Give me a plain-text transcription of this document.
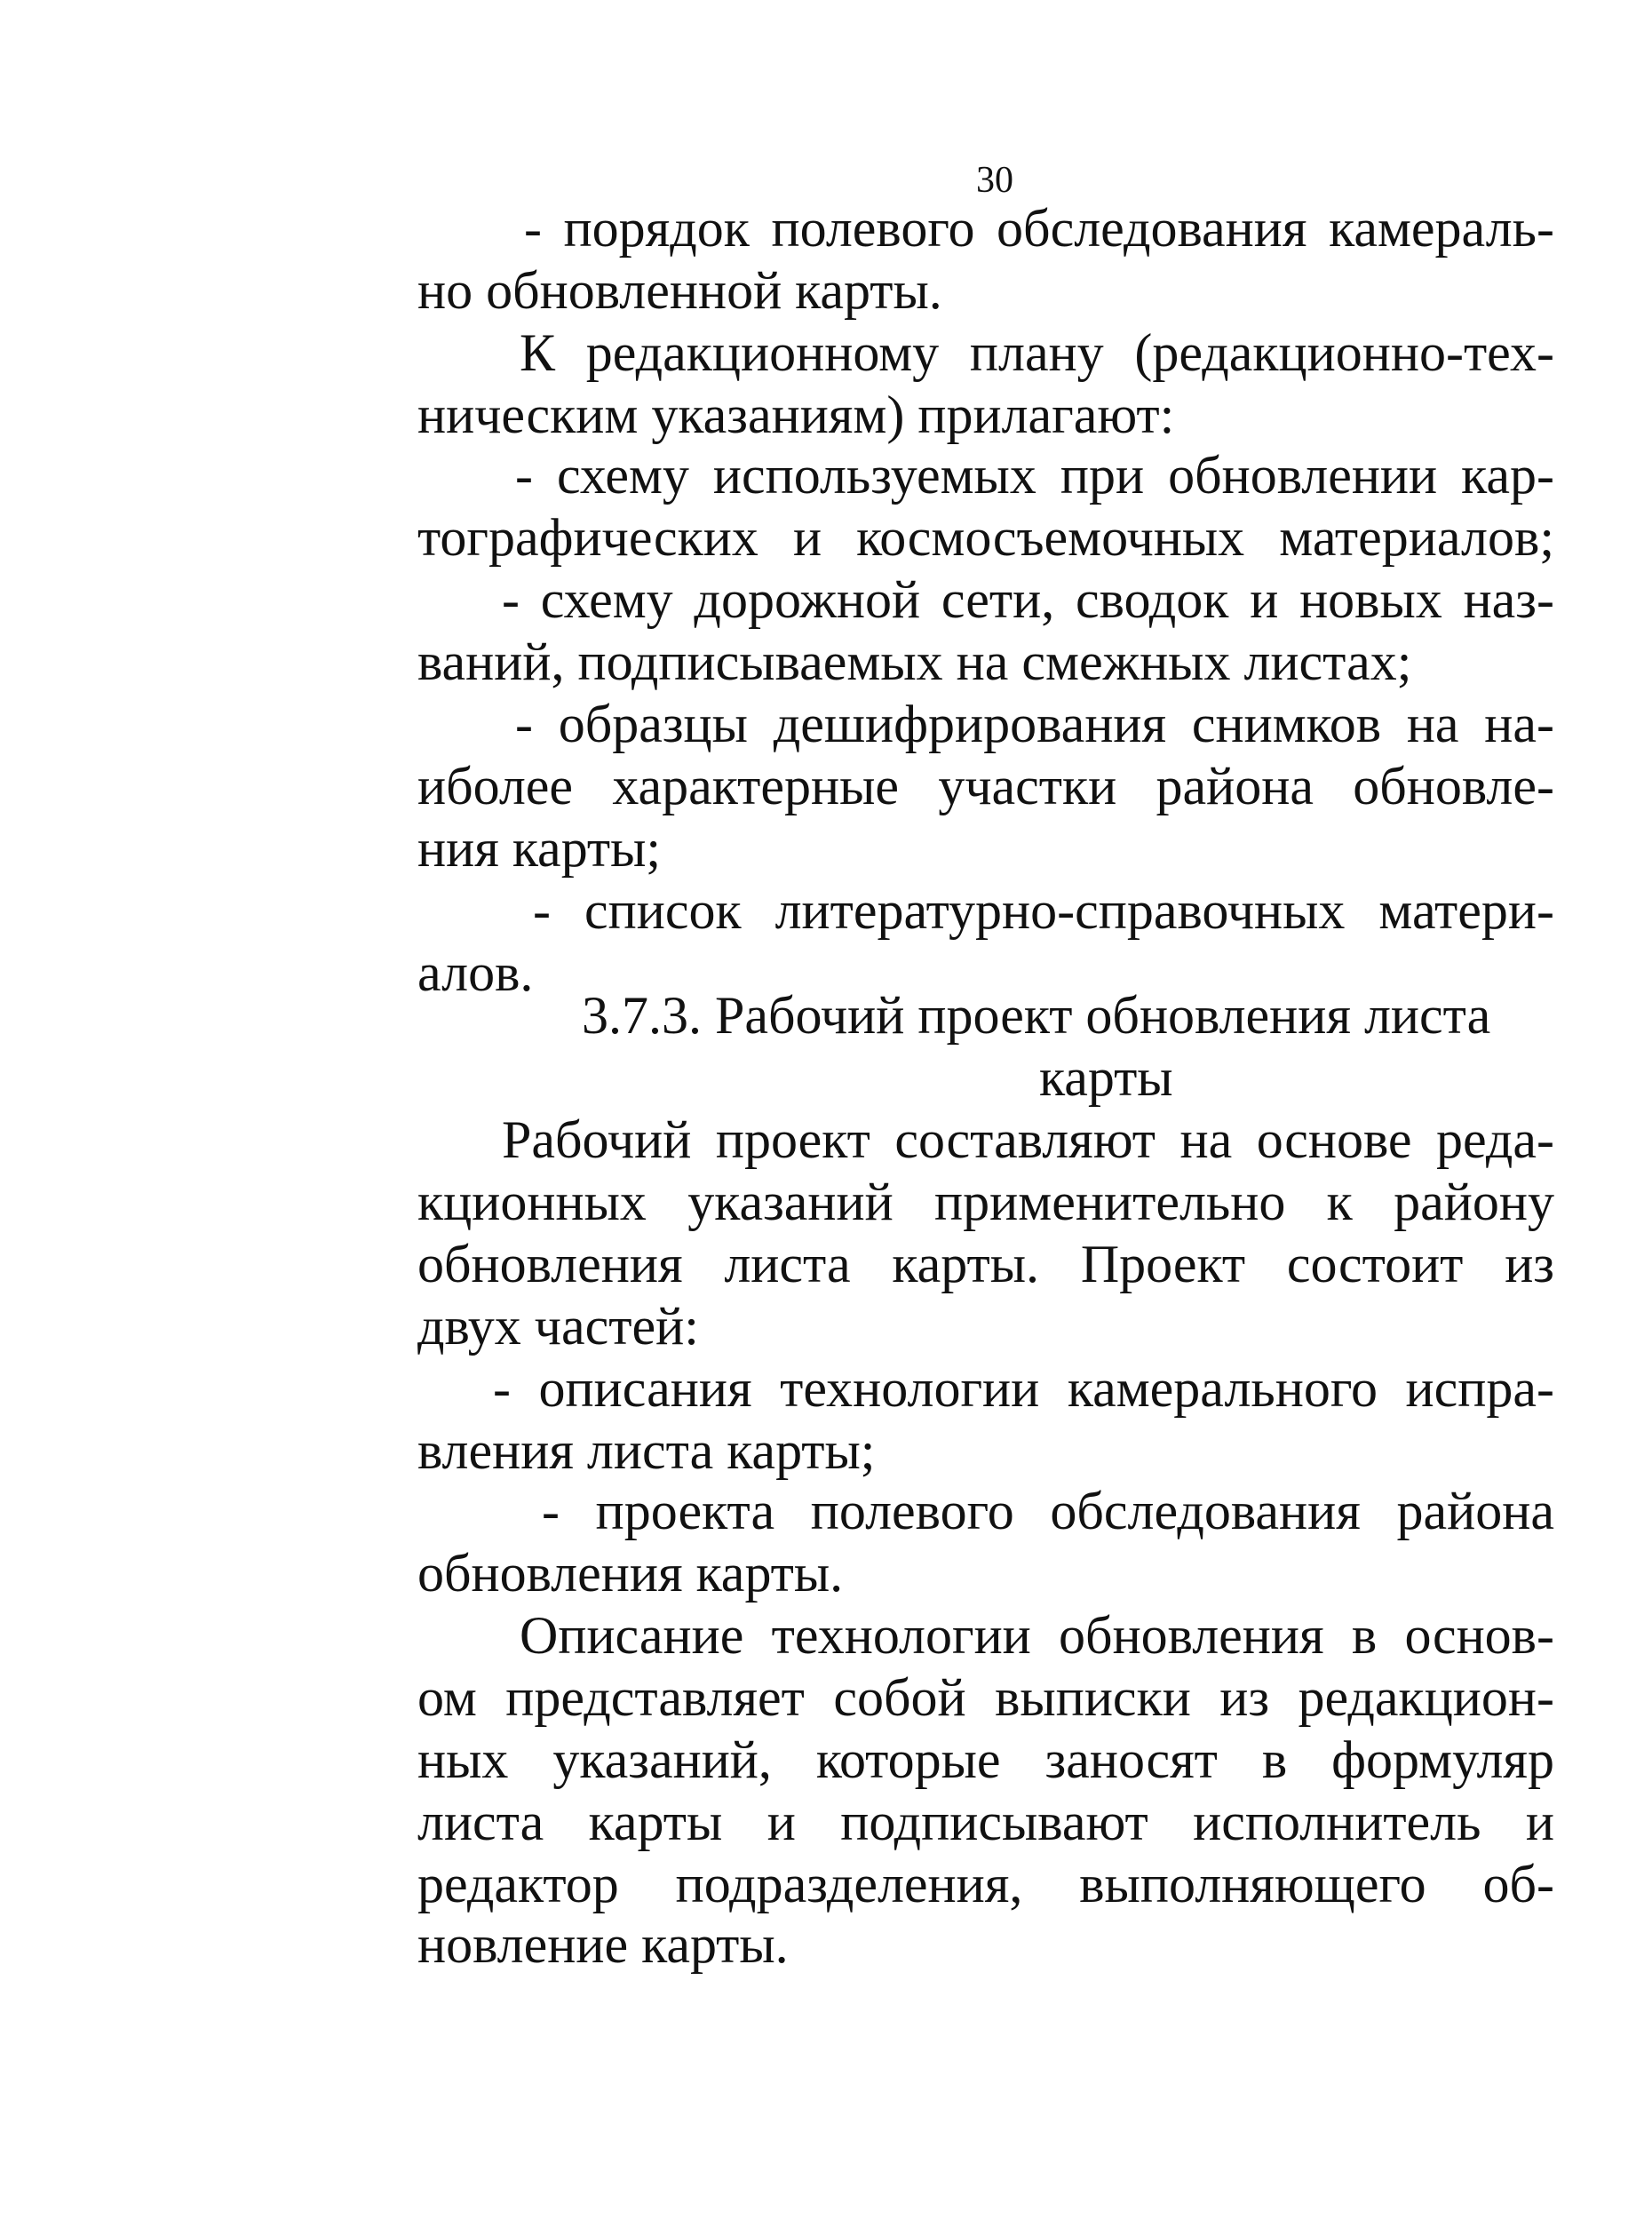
30
- порядок полевого обследования камераль-
но обновленной карты.
К редакционному плану (редакционно-тех-
ническим указаниям) прилагают:
- схему используемых при обновлении кар-
тографических и космосъемочных материалов;
- схему дорожной сети, сводок и новых наз-
ваний, подписываемых на смежных листах;
- образцы дешифрирования снимков на на-
иболее характерные участки района обновле-
ния карты;
- список литературно-справочных матери-
алов.
3.7.3. Рабочий проект обновления листа
карты
Рабочий проект составляют на основе реда-
кционных указаний применительно к району
обновления листа карты. Проект состоит из
двух частей:
- описания технологии камерального испра-
вления листа карты;
- проекта полевого обследования района
обновления карты.
Описание технологии обновления в основ-
ом представляет собой выписки из редакцион-
ных указаний, которые заносят в формуляр
листа карты и подписывают исполнитель и
редактор подразделения, выполняющего об-
новление карты.
